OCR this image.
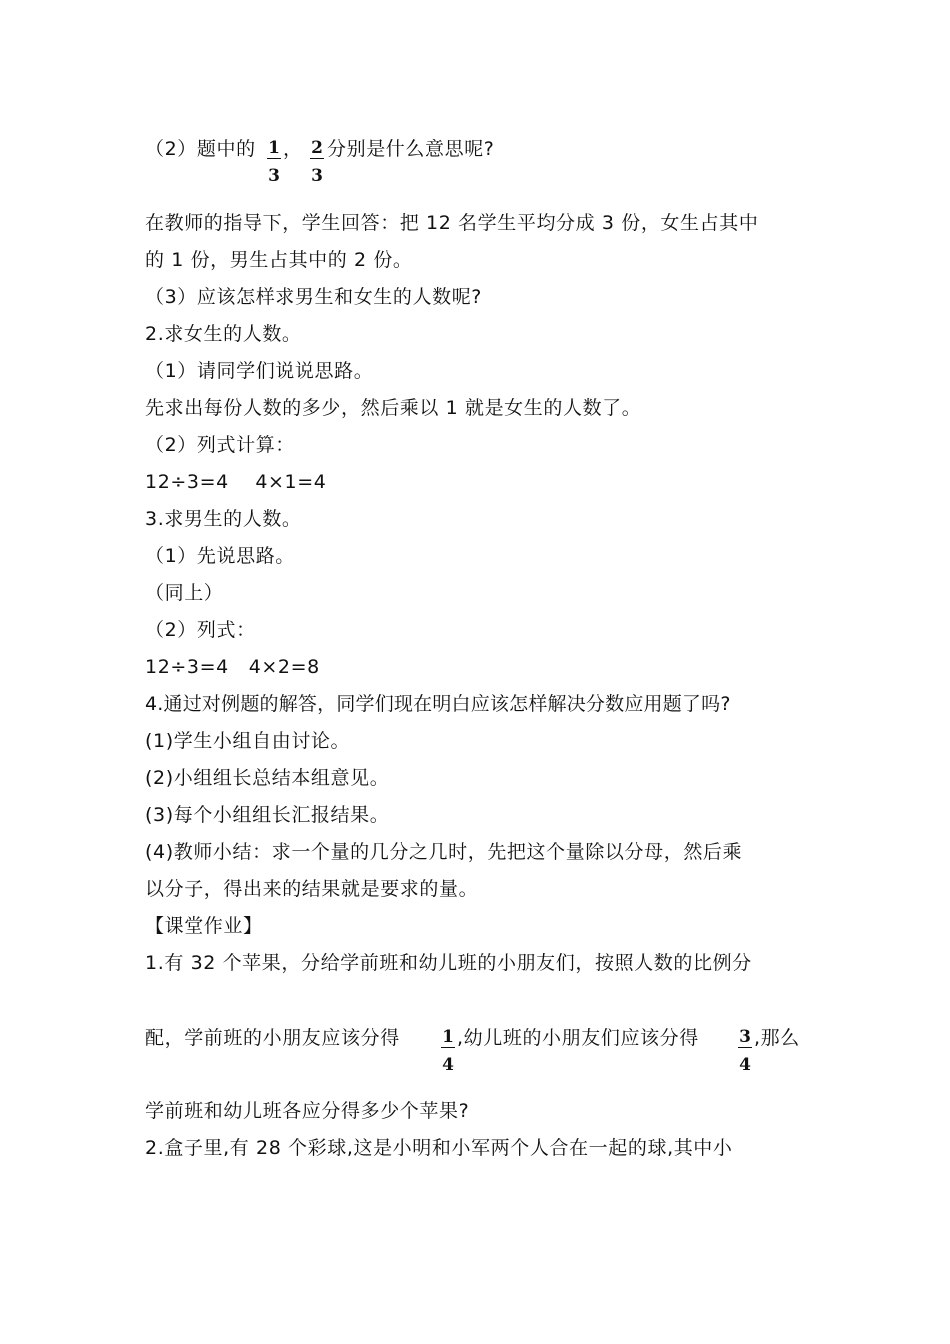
（2）题中的 $\frac{1}{3}$ ， $\frac{2}{3}$ 分别是什么意思呢?
在教师的指导下，学生回答：把 12 名学生平均分成 3 份，女生占其中
的 1 份，男生占其中的 2 份。
（3）应该怎样求男生和女生的人数呢?
2.求女生的人数。
（1）请同学们说说思路。
先求出每份人数的多少，然后乘以 1 就是女生的人数了。
（2）列式计算：
12÷3=4    4×1=4
3.求男生的人数。
（1）先说思路。
（同上）
（2）列式：
12÷3=4   4×2=8
4.通过对例题的解答，同学们现在明白应该怎样解决分数应用题了吗?
(1)学生小组自由讨论。
(2)小组组长总结本组意见。
(3)每个小组组长汇报结果。
(4)教师小结：求一个量的几分之几时，先把这个量除以分母，然后乘
以分子，得出来的结果就是要求的量。
【课堂作业】
1.有 32 个苹果，分给学前班和幼儿班的小朋友们，按照人数的比例分
配，学前班的小朋友应该分得 $\frac{1}{4}$ ,幼儿班的小朋友们应该分得 $\frac{3}{4}$ ,那么
学前班和幼儿班各应分得多少个苹果?
2.盒子里,有 28 个彩球,这是小明和小军两个人合在一起的球,其中小
